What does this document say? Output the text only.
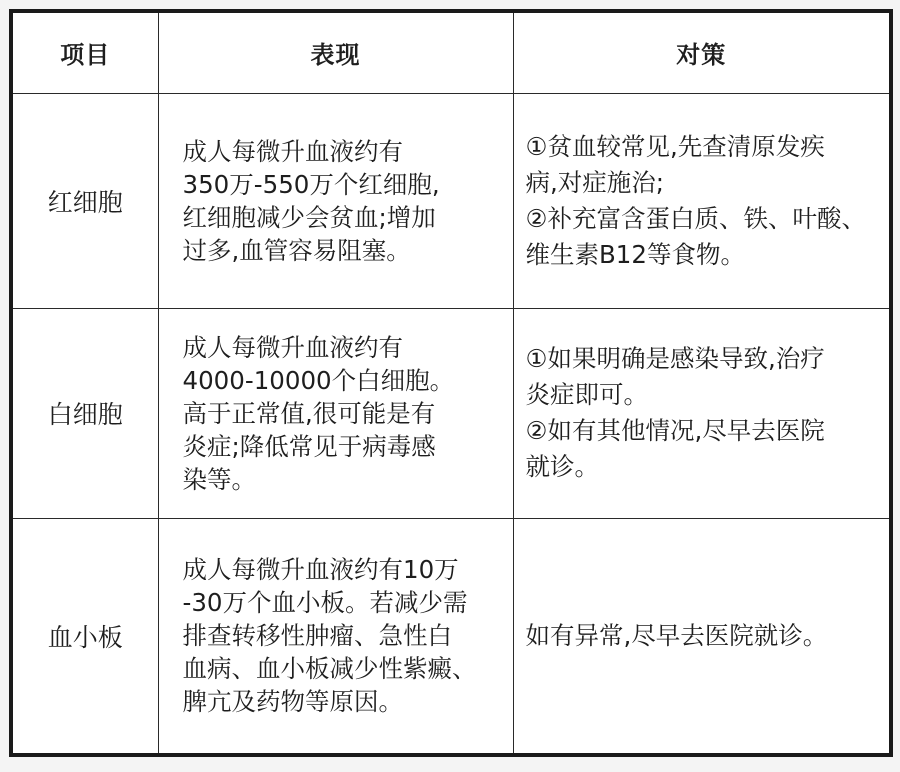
项目	表现	对策
红细胞	成人每微升血液约有
350万-550万个红细胞,
红细胞减少会贫血;增加
过多,血管容易阻塞。	①贫血较常见,先查清原发疾
病,对症施治;
②补充富含蛋白质、铁、叶酸、
维生素B12等食物。

白细胞	成人每微升血液约有
4000-10000个白细胞。
高于正常值,很可能是有
炎症;降低常见于病毒感
染等。	①如果明确是感染导致,治疗
炎症即可。
②如有其他情况,尽早去医院
就诊。

血小板	成人每微升血液约有10万
-30万个血小板。若减少需
排查转移性肿瘤、急性白
血病、血小板减少性紫癜、
脾亢及药物等原因。	如有异常,尽早去医院就诊。
